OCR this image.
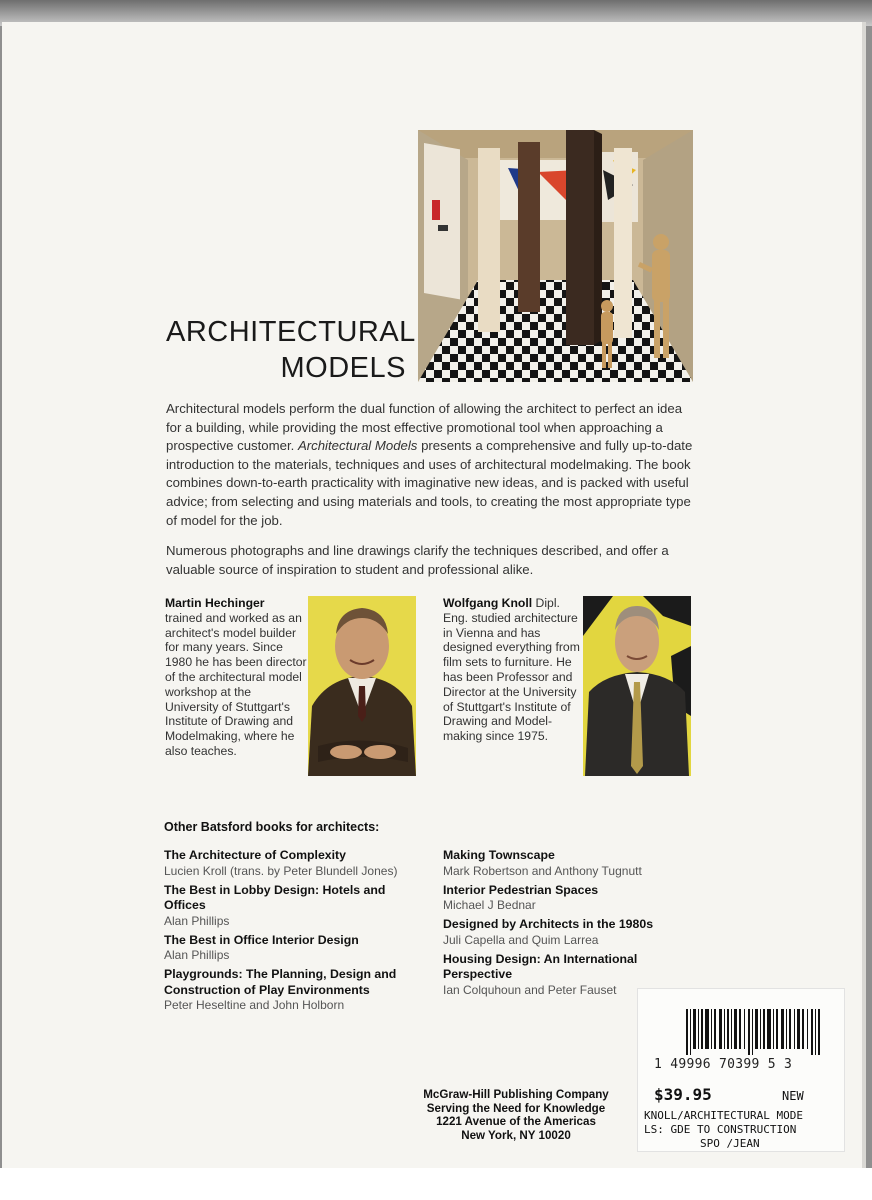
ARCHITECTURAL
MODELS

Architectural models perform the dual function of allowing the architect to perfect an idea for a building, while providing the most effective promotional tool when approaching a prospective customer. Architectural Models presents a comprehensive and fully up-to-date introduction to the materials, techniques and uses of architectural modelmaking. The book combines down-to-earth practicality with imaginative new ideas, and is packed with useful advice; from selecting and using materials and tools, to creating the most appropriate type of model for the job.

Numerous photographs and line drawings clarify the techniques described, and offer a valuable source of inspiration to student and professional alike.

Martin Hechinger
trained and worked as an architect's model builder for many years. Since 1980 he has been director of the architectural model workshop at the University of Stuttgart's Institute of Drawing and Modelmaking, where he also teaches.
Wolfgang Knoll Dipl. Eng. studied architecture in Vienna and has designed everything from film sets to furniture. He has been Professor and Director at the University of Stuttgart's Institute of Drawing and Model-making since 1975.
Other Batsford books for architects:
The Architecture of Complexity
Lucien Kroll (trans. by Peter Blundell Jones)
The Best in Lobby Design: Hotels and Offices
Alan Phillips
The Best in Office Interior Design
Alan Phillips
Playgrounds: The Planning, Design and Construction of Play Environments
Peter Heseltine and John Holborn
Making Townscape
Mark Robertson and Anthony Tugnutt
Interior Pedestrian Spaces
Michael J Bednar
Designed by Architects in the 1980s
Juli Capella and Quim Larrea
Housing Design: An International Perspective
Ian Colquhoun and Peter Fauset
McGraw-Hill Publishing Company
Serving the Need for Knowledge
1221 Avenue of the Americas
New York, NY 10020
1 49996 70399 5 3
$39.95	NEW
KNOLL/ARCHITECTURAL MODE
LS: GDE TO CONSTRUCTION
SPO /JEAN
